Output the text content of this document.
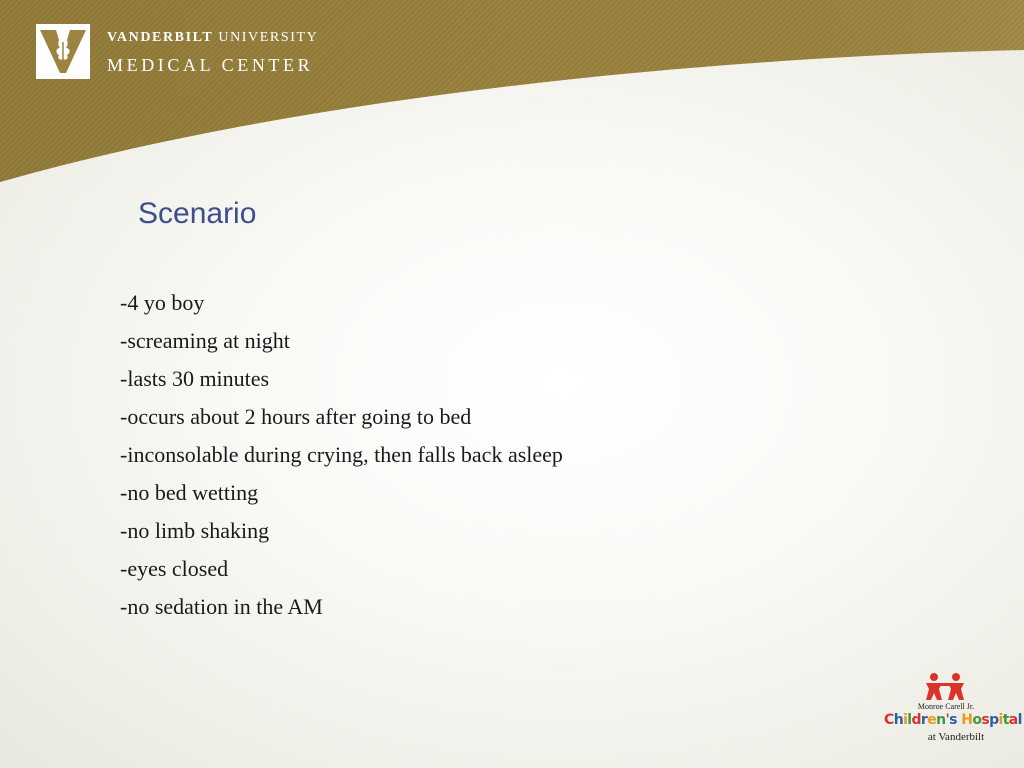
VANDERBILT UNIVERSITY
MEDICAL CENTER
Scenario
-4 yo boy
-screaming at night
-lasts 30 minutes
-occurs about 2 hours after going to bed
-inconsolable during crying, then falls back asleep
-no bed wetting
-no limb shaking
-eyes closed
-no sedation in the AM
Monroe Carell Jr.
Children's Hospital
at Vanderbilt
